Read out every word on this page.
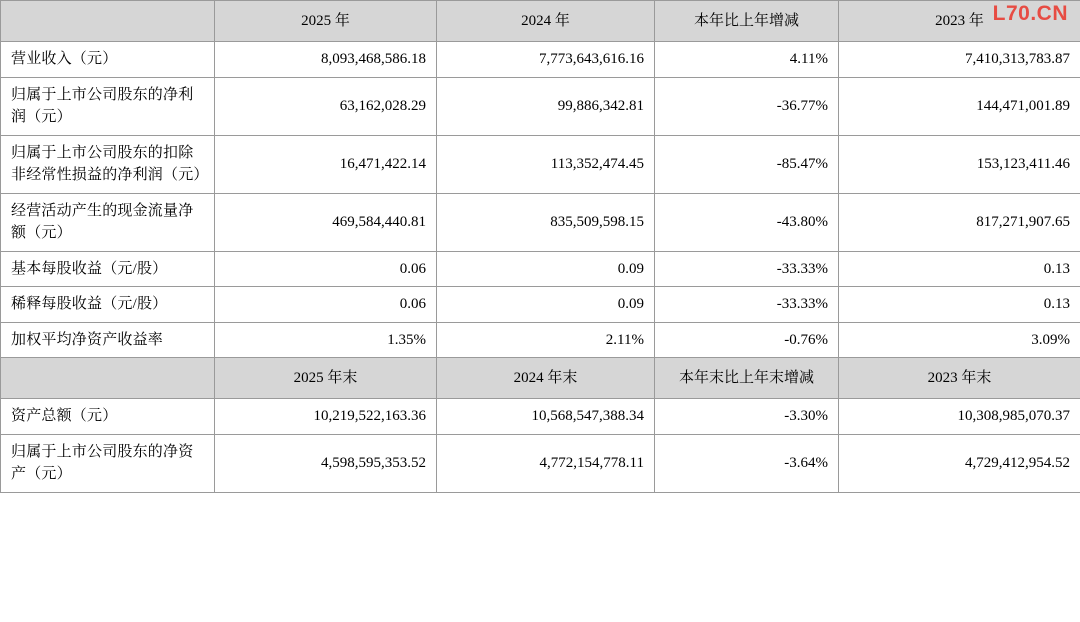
	2025 年	2024 年	本年比上年增减	2023 年
营业收入（元）	8,093,468,586.18	7,773,643,616.16	4.11%	7,410,313,783.87
归属于上市公司股东的净利润（元）	63,162,028.29	99,886,342.81	-36.77%	144,471,001.89
归属于上市公司股东的扣除非经常性损益的净利润（元）	16,471,422.14	113,352,474.45	-85.47%	153,123,411.46
经营活动产生的现金流量净额（元）	469,584,440.81	835,509,598.15	-43.80%	817,271,907.65
基本每股收益（元/股）	0.06	0.09	-33.33%	0.13
稀释每股收益（元/股）	0.06	0.09	-33.33%	0.13
加权平均净资产收益率	1.35%	2.11%	-0.76%	3.09%
	2025 年末	2024 年末	本年末比上年末增减	2023 年末
资产总额（元）	10,219,522,163.36	10,568,547,388.34	-3.30%	10,308,985,070.37
归属于上市公司股东的净资产（元）	4,598,595,353.52	4,772,154,778.11	-3.64%	4,729,412,954.52
L70.CN
